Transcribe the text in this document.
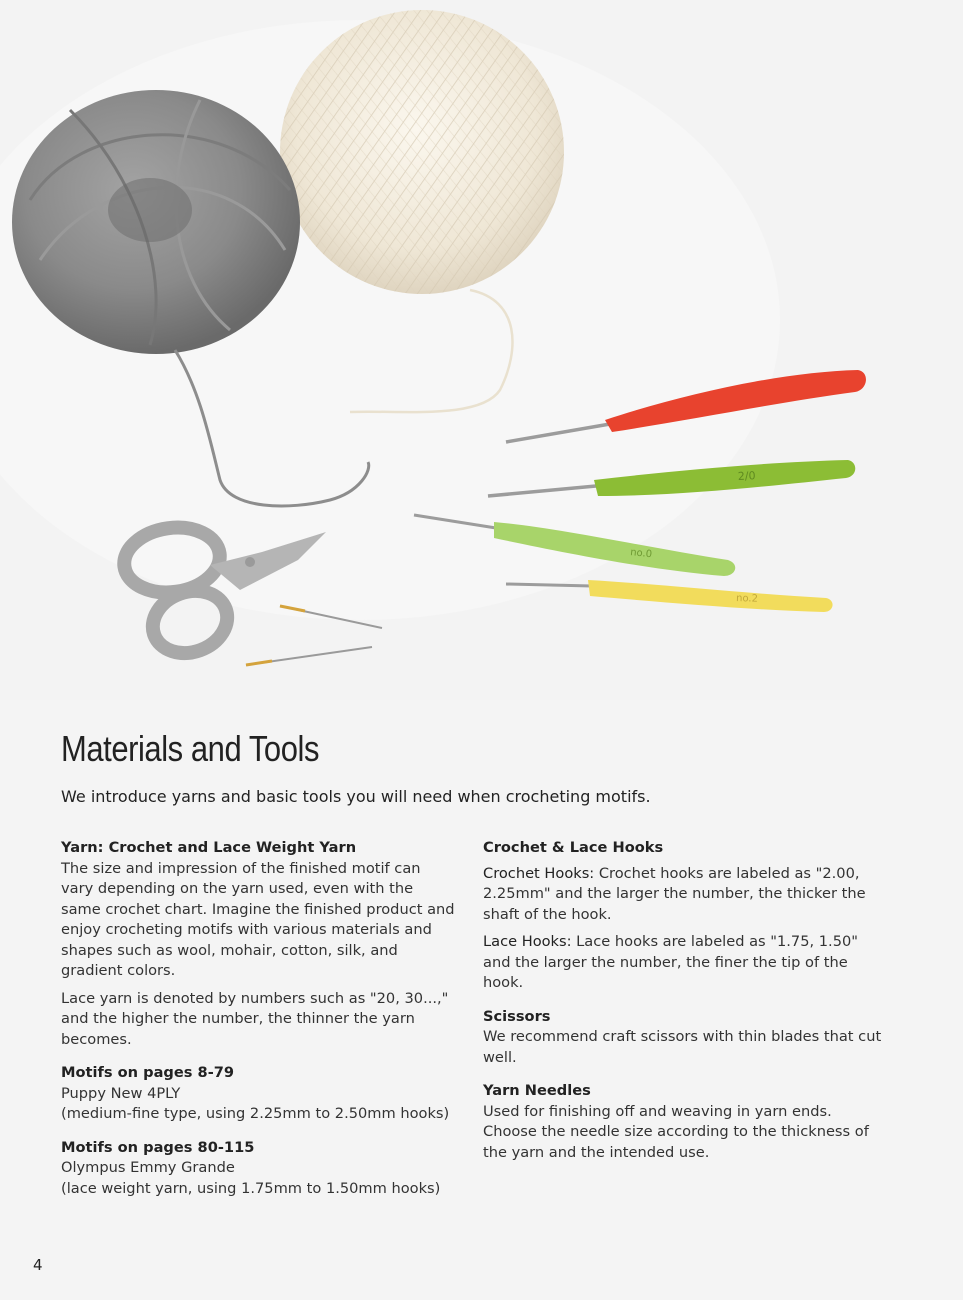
2/0
no.0
no.2
Materials and Tools

We introduce yarns and basic tools you will need when crocheting motifs.

Yarn: Crochet and Lace Weight Yarn
The size and impression of the finished motif can vary depending on the yarn used, even with the same crochet chart. Imagine the finished product and enjoy crocheting motifs with various materials and shapes such as wool, mohair, cotton, silk, and gradient colors.
Lace yarn is denoted by numbers such as "20, 30...," and the higher the number, the thinner the yarn becomes.
Motifs on pages 8-79
Puppy New 4PLY
(medium-fine type, using 2.25mm to 2.50mm hooks)
Motifs on pages 80-115
Olympus Emmy Grande
(lace weight yarn, using 1.75mm to 1.50mm hooks)
Crochet & Lace Hooks
Crochet Hooks: Crochet hooks are labeled as "2.00, 2.25mm" and the larger the number, the thicker the shaft of the hook.
Lace Hooks: Lace hooks are labeled as "1.75, 1.50" and the larger the number, the finer the tip of the hook.
Scissors
We recommend craft scissors with thin blades that cut well.
Yarn Needles
Used for finishing off and weaving in yarn ends. Choose the needle size according to the thickness of the yarn and the intended use.
4
